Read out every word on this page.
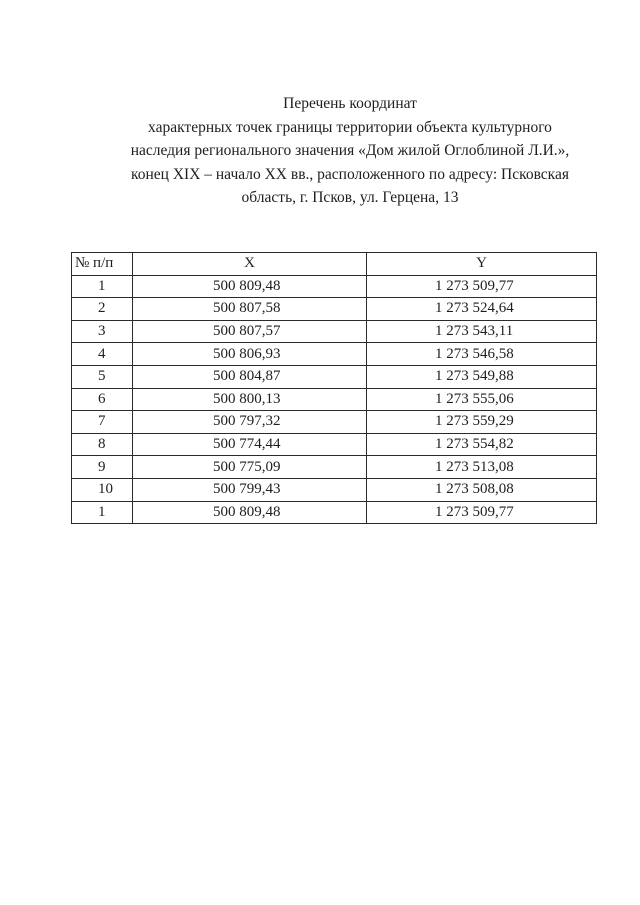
Перечень координат
характерных точек границы территории объекта культурного
наследия регионального значения «Дом жилой Оглоблиной Л.И.»,
конец XIX – начало XX вв., расположенного по адресу: Псковская
область, г. Псков, ул. Герцена, 13
№ п/п	X	Y
1	500 809,48	1 273 509,77
2	500 807,58	1 273 524,64
3	500 807,57	1 273 543,11
4	500 806,93	1 273 546,58
5	500 804,87	1 273 549,88
6	500 800,13	1 273 555,06
7	500 797,32	1 273 559,29
8	500 774,44	1 273 554,82
9	500 775,09	1 273 513,08
10	500 799,43	1 273 508,08
1	500 809,48	1 273 509,77
